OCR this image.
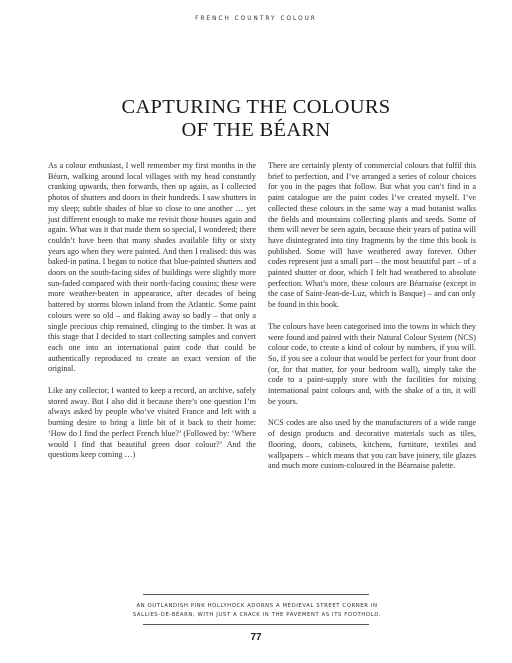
FRENCH COUNTRY COLOUR
CAPTURING THE COLOURS
OF THE BÉARN

As a colour enthusiast, I well remember my first months in the Béarn, walking around local villages with my head constantly cranking upwards, then forwards, then up again, as I collected photos of shutters and doors in their hundreds. I saw shutters in my sleep; subtle shades of blue so close to one another … yet just different enough to make me revisit those houses again and again. What was it that made them so special, I wondered; there couldn’t have been that many shades available fifty or sixty years ago when they were painted. And then I realised: this was baked-in patina. I began to notice that blue-painted shutters and doors on the south-facing sides of buildings were slightly more sun-faded compared with their north-facing cousins; these were more weather-beaten in appearance, after decades of being battered by storms blown inland from the Atlantic. Some paint colours were so old – and flaking away so badly – that only a single precious chip remained, clinging to the timber. It was at this stage that I decided to start collecting samples and convert each one into an international paint code that could be authentically reproduced to create an exact version of the original.

Like any collector, I wanted to keep a record, an archive, safely stored away. But I also did it because there’s one question I’m always asked by people who’ve visited France and left with a burning desire to bring a little bit of it back to their home: ‘How do I find the perfect French blue?’ (Followed by: ‘Where would I find that beautiful green door colour?’ And the questions keep coming …)

There are certainly plenty of commercial colours that fulfil this brief to perfection, and I’ve arranged a series of colour choices for you in the pages that follow. But what you can’t find in a paint catalogue are the paint codes I’ve created myself. I’ve collected these colours in the same way a mad botanist walks the fields and mountains collecting plants and seeds. Some of them will never be seen again, because their years of patina will have disintegrated into tiny fragments by the time this book is published. Some will have weathered away forever. Other codes represent just a small part – the most beautiful part – of a painted shutter or door, which I felt had weathered to absolute perfection. What’s more, these colours are Béarnaise (except in the case of Saint-Jean-de-Luz, which is Basque) – and can only be found in this book.

The colours have been categorised into the towns in which they were found and paired with their Natural Colour System (NCS) colour code, to create a kind of colour by numbers, if you will. So, if you see a colour that would be perfect for your front door (or, for that matter, for your bedroom wall), simply take the code to a paint-supply store with the facilities for mixing international paint colours and, with the shake of a tin, it will be yours.

NCS codes are also used by the manufacturers of a wide range of design products and decorative materials such as tiles, flooring, doors, cabinets, kitchens, furniture, textiles and wallpapers – which means that you can have joinery, tile glazes and much more custom-coloured in the Béarnaise palette.

AN OUTLANDISH PINK HOLLYHOCK ADORNS A MEDIEVAL STREET CORNER IN
SALLIES-DE-BÉARN, WITH JUST A CRACK IN THE PAVEMENT AS ITS FOOTHOLD.
77
